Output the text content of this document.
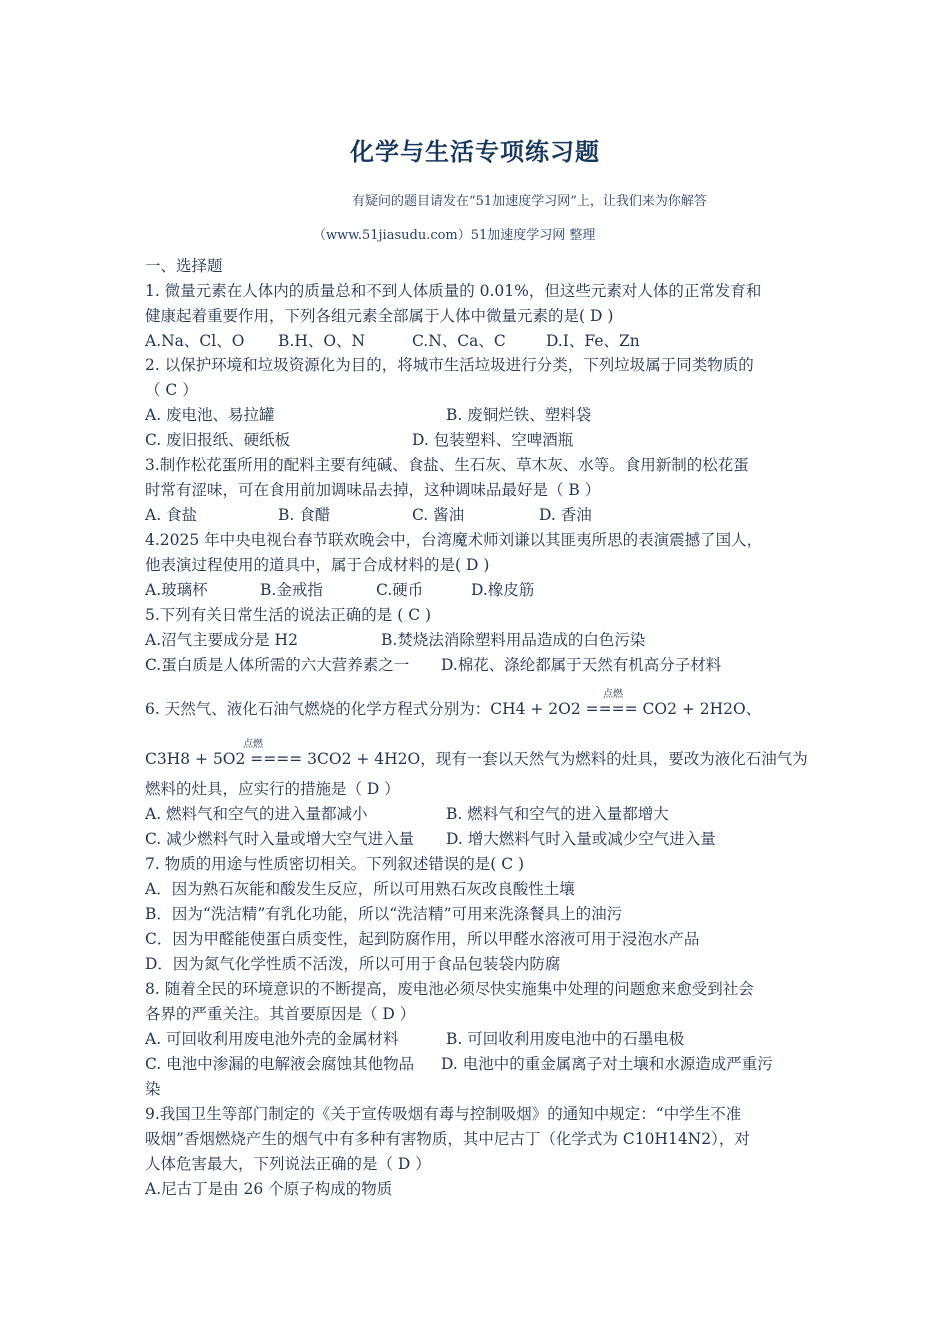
化学与生活专项练习题
有疑问的题目请发在“51加速度学习网”上，让我们来为你解答
（www.51jiasudu.com）51加速度学习网 整理
一、选择题
1. 微量元素在人体内的质量总和不到人体质量的 0.01%，但这些元素对人体的正常发育和
健康起着重要作用，下列各组元素全部属于人体中微量元素的是( D )
A.Na、Cl、O B.H、O、N	C.N、Ca、C	D.I、Fe、Zn
2. 以保护环境和垃圾资源化为目的，将城市生活垃圾进行分类，下列垃圾属于同类物质的
（ C ）
A. 废电池、易拉罐	B. 废铜烂铁、塑料袋
C. 废旧报纸、硬纸板	D. 包装塑料、空啤酒瓶
3.制作松花蛋所用的配料主要有纯碱、食盐、生石灰、草木灰、水等。食用新制的松花蛋
时常有涩味，可在食用前加调味品去掉，这种调味品最好是（ B ）
A. 食盐	B. 食醋	C. 酱油	D. 香油
4.2025 年中央电视台春节联欢晚会中，台湾魔术师刘谦以其匪夷所思的表演震撼了国人，
他表演过程使用的道具中，属于合成材料的是( D )
A.玻璃杯	B.金戒指	C.硬币	D.橡皮筋
5.下列有关日常生活的说法正确的是 ( C )
A.沼气主要成分是 H2	B.焚烧法消除塑料用品造成的白色污染
C.蛋白质是人体所需的六大营养素之一 D.棉花、涤纶都属于天然有机高分子材料
点燃
6. 天然气、液化石油气燃烧的化学方程式分别为：CH4 + 2O2 ==== CO2 + 2H2O、
点燃
C3H8 + 5O2 ==== 3CO2 + 4H2O，现有一套以天然气为燃料的灶具，要改为液化石油气为
燃料的灶具，应实行的措施是（ D ）
A. 燃料气和空气的进入量都减小	B. 燃料气和空气的进入量都增大
C. 减少燃料气时入量或增大空气进入量 D. 增大燃料气时入量或减少空气进入量
7. 物质的用途与性质密切相关。下列叙述错误的是( C )
A．因为熟石灰能和酸发生反应，所以可用熟石灰改良酸性土壤
B．因为“洗洁精”有乳化功能，所以“洗洁精”可用来洗涤餐具上的油污
C．因为甲醛能使蛋白质变性，起到防腐作用，所以甲醛水溶液可用于浸泡水产品
D．因为氮气化学性质不活泼，所以可用于食品包装袋内防腐
8. 随着全民的环境意识的不断提高，废电池必须尽快实施集中处理的问题愈来愈受到社会
各界的严重关注。其首要原因是（ D ）
A. 可回收利用废电池外壳的金属材料	B. 可回收利用废电池中的石墨电极
C. 电池中渗漏的电解液会腐蚀其他物品 D. 电池中的重金属离子对土壤和水源造成严重污
染
9.我国卫生等部门制定的《关于宣传吸烟有毒与控制吸烟》的通知中规定：“中学生不准
吸烟”香烟燃烧产生的烟气中有多种有害物质，其中尼古丁（化学式为 C10H14N2），对
人体危害最大，下列说法正确的是（ D ）
A.尼古丁是由 26 个原子构成的物质
